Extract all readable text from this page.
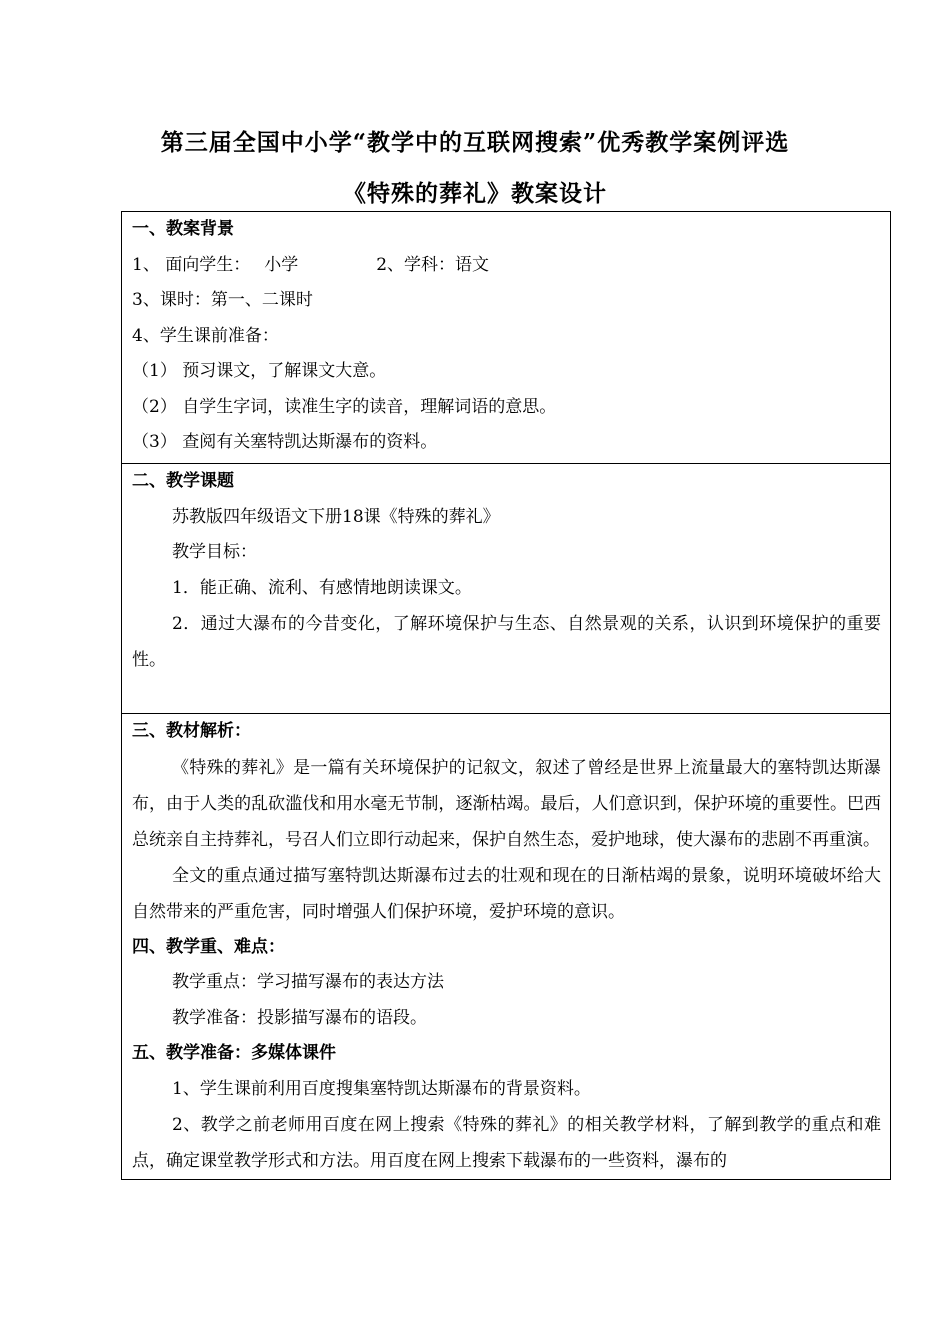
第三届全国中小学“教学中的互联网搜索”优秀教学案例评选
《特殊的葬礼》教案设计
一、教案背景
1、 面向学生： 小学	2、学科：语文
3、课时：第一、二课时
4、学生课前准备：
（1） 预习课文，了解课文大意。
（2） 自学生字词，读准生字的读音，理解词语的意思。
（3） 查阅有关塞特凯达斯瀑布的资料。
二、教学课题
苏教版四年级语文下册18课《特殊的葬礼》
教学目标：
1．能正确、流利、有感情地朗读课文。

2．通过大瀑布的今昔变化，了解环境保护与生态、自然景观的关系，认识到环境保护的重要性。

三、教材解析：

《特殊的葬礼》是一篇有关环境保护的记叙文，叙述了曾经是世界上流量最大的塞特凯达斯瀑布，由于人类的乱砍滥伐和用水毫无节制，逐渐枯竭。最后，人们意识到，保护环境的重要性。巴西总统亲自主持葬礼，号召人们立即行动起来，保护自然生态，爱护地球，使大瀑布的悲剧不再重演。

全文的重点通过描写塞特凯达斯瀑布过去的壮观和现在的日渐枯竭的景象，说明环境破坏给大自然带来的严重危害，同时增强人们保护环境，爱护环境的意识。

四、教学重、难点：
教学重点：学习描写瀑布的表达方法
教学准备：投影描写瀑布的语段。
五、教学准备：多媒体课件
1、学生课前利用百度搜集塞特凯达斯瀑布的背景资料。

2、教学之前老师用百度在网上搜索《特殊的葬礼》的相关教学材料，了解到教学的重点和难点，确定课堂教学形式和方法。用百度在网上搜索下载瀑布的一些资料，瀑布的
